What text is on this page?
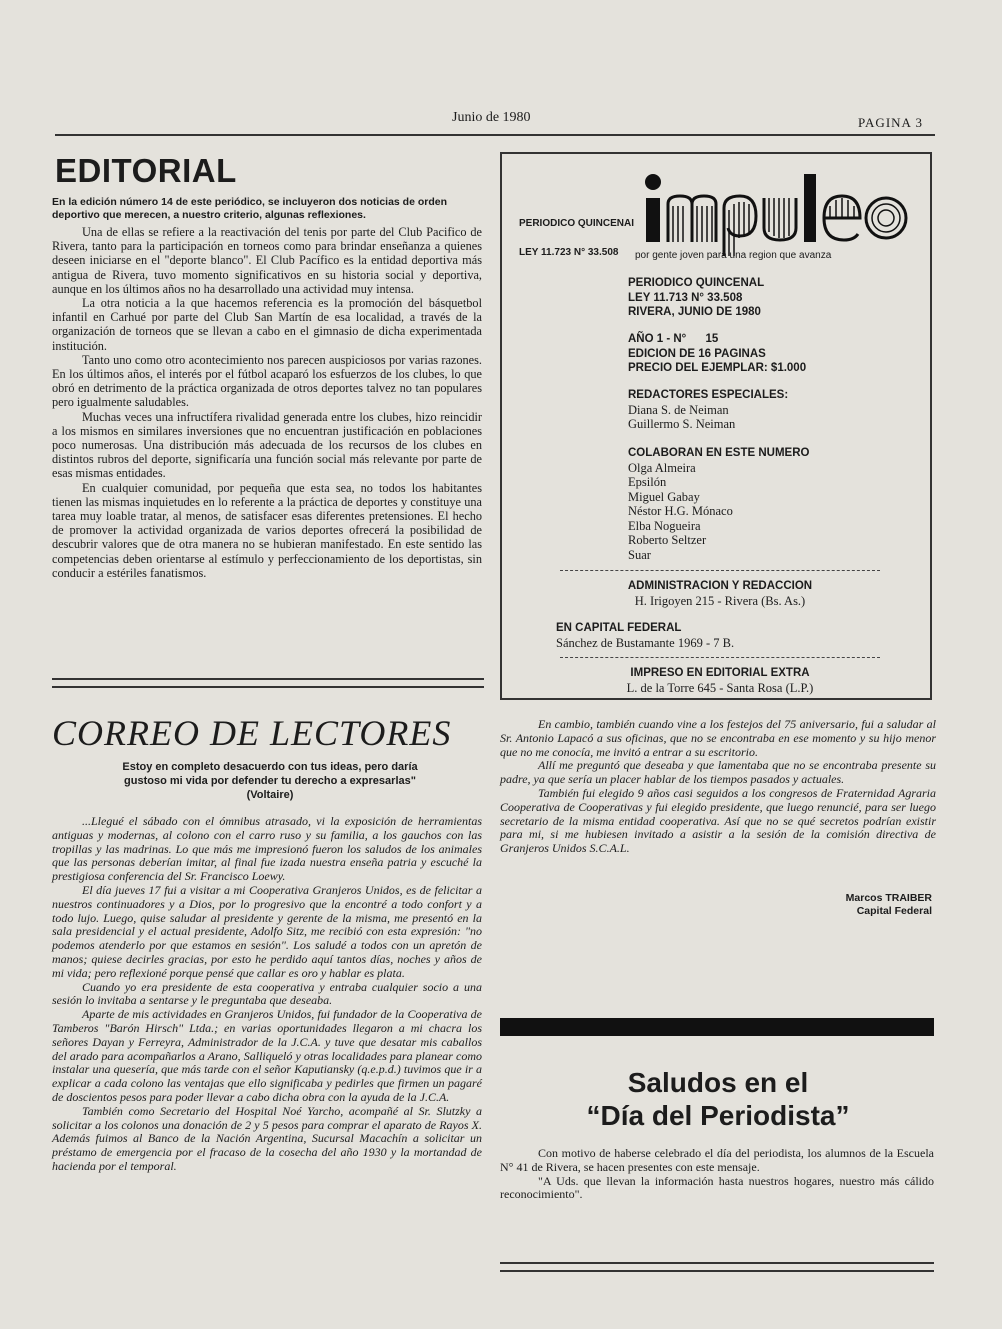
Junio de 1980	PAGINA 3
EDITORIAL
En la edición número 14 de este periódico, se incluyeron dos noticias de orden deportivo que merecen, a nuestro criterio, algunas reflexiones.

Una de ellas se refiere a la reactivación del tenis por parte del Club Pacifico de Rivera, tanto para la participación en torneos como para brindar enseñanza a quienes deseen iniciarse en el "deporte blanco". El Club Pacífico es la entidad deportiva más antigua de Rivera, tuvo momento significativos en su historia social y deportiva, aunque en los últimos años no ha desarrollado una actividad muy intensa.

La otra noticia a la que hacemos referencia es la promoción del básquetbol infantil en Carhué por parte del Club San Martín de esa localidad, a través de la organización de torneos que se llevan a cabo en el gimnasio de dicha experimentada institución.

Tanto uno como otro acontecimiento nos parecen auspiciosos por varias razones. En los últimos años, el interés por el fútbol acaparó los esfuerzos de los clubes, lo que obró en detrimento de la práctica organizada de otros deportes talvez no tan populares pero igualmente saludables.

Muchas veces una infructífera rivalidad generada entre los clubes, hizo reincidir a los mismos en similares inversiones que no encuentran justificación en poblaciones poco numerosas. Una distribución más adecuada de los recursos de los clubes en distintos rubros del deporte, significaría una función social más relevante por parte de esas mismas entidades.

En cualquier comunidad, por pequeña que esta sea, no todos los habitantes tienen las mismas inquietudes en lo referente a la práctica de deportes y constituye una tarea muy loable tratar, al menos, de satisfacer esas diferentes pretensiones. El hecho de promover la actividad organizada de varios deportes ofrecerá la posibilidad de descubrir valores que de otra manera no se hubieran manifestado. En este sentido las competencias deben orientarse al estímulo y perfeccionamiento de los deportistas, sin conducir a estériles fanatismos.

PERIODICO QUINCENAI
LEY 11.723 N° 33.508 por gente joven para una region que avanza
PERIODICO QUINCENAL
LEY 11.713 N° 33.508
RIVERA, JUNIO DE 1980
AÑO 1 - N°      15
EDICION DE 16 PAGINAS
PRECIO DEL EJEMPLAR: $1.000
REDACTORES ESPECIALES:
Diana S. de Neiman
Guillermo S. Neiman
COLABORAN EN ESTE NUMERO
Olga Almeira
Epsilón
Miguel Gabay
Néstor H.G. Mónaco
Elba Nogueira
Roberto Seltzer
Suar
ADMINISTRACION Y REDACCION
H. Irigoyen 215 - Rivera (Bs. As.)
EN CAPITAL FEDERAL
Sánchez de Bustamante 1969 - 7 B.
IMPRESO EN EDITORIAL EXTRA
L. de la Torre 645 - Santa Rosa (L.P.)
CORREO DE LECTORES
Estoy en completo desacuerdo con tus ideas, pero daría gustoso mi vida por defender tu derecho a expresarlas" (Voltaire)

...Llegué el sábado con el ómnibus atrasado, vi la exposición de herramientas antiguas y modernas, al colono con el carro ruso y su familia, a los gauchos con las tropillas y las madrinas. Lo que más me impresionó fueron los saludos de los animales que las personas deberían imitar, al final fue izada nuestra enseña patria y escuché la prestigiosa conferencia del Sr. Francisco Loewy.

El día jueves 17 fui a visitar a mi Cooperativa Granjeros Unidos, es de felicitar a nuestros continuadores y a Dios, por lo progresivo que la encontré a todo confort y a todo lujo. Luego, quise saludar al presidente y gerente de la misma, me presentó en la sala presidencial y el actual presidente, Adolfo Sitz, me recibió con esta expresión: "no podemos atenderlo por que estamos en sesión". Los saludé a todos con un apretón de manos; quiese decirles gracias, por esto he perdido aquí tantos días, noches y años de mi vida; pero reflexioné porque pensé que callar es oro y hablar es plata.

Cuando yo era presidente de esta cooperativa y entraba cualquier socio a una sesión lo invitaba a sentarse y le preguntaba que deseaba.

Aparte de mis actividades en Granjeros Unidos, fui fundador de la Cooperativa de Tamberos "Barón Hirsch" Ltda.; en varias oportunidades llegaron a mi chacra los señores Dayan y Ferreyra, Administrador de la J.C.A. y tuve que desatar mis caballos del arado para acompañarlos a Arano, Salliqueló y otras localidades para planear como instalar una quesería, que más tarde con el señor Kaputiansky (q.e.p.d.) tuvimos que ir a explicar a cada colono las ventajas que ello significaba y pedirles que firmen un pagaré de doscientos pesos para poder llevar a cabo dicha obra con la ayuda de la J.C.A.

También como Secretario del Hospital Noé Yarcho, acompañé al Sr. Slutzky a solicitar a los colonos una donación de 2 y 5 pesos para comprar el aparato de Rayos X. Además fuimos al Banco de la Nación Argentina, Sucursal Macachín a solicitar un préstamo de emergencia por el fracaso de la cosecha del año 1930 y la mortandad de hacienda por el temporal.

En cambio, también cuando vine a los festejos del 75 aniversario, fui a saludar al Sr. Antonio Lapacó a sus oficinas, que no se encontraba en ese momento y su hijo menor que no me conocía, me invitó a entrar a su escritorio.

Allí me preguntó que deseaba y que lamentaba que no se encontraba presente su padre, ya que sería un placer hablar de los tiempos pasados y actuales.

También fui elegido 9 años casi seguidos a los congresos de Fraternidad Agraria Cooperativa de Cooperativas y fui elegido presidente, que luego renuncié, para ser luego secretario de la misma entidad cooperativa. Así que no se qué secretos podrían existir para mi, si me hubiesen invitado a asistir a la sesión de la comisión directiva de Granjeros Unidos S.C.A.L.

Marcos TRAIBER
Capital Federal
Saludos en el
“Día del Periodista”

Con motivo de haberse celebrado el día del periodista, los alumnos de la Escuela N° 41 de Rivera, se hacen presentes con este mensaje.

"A Uds. que llevan la información hasta nuestros hogares, nuestro más cálido reconocimiento".
